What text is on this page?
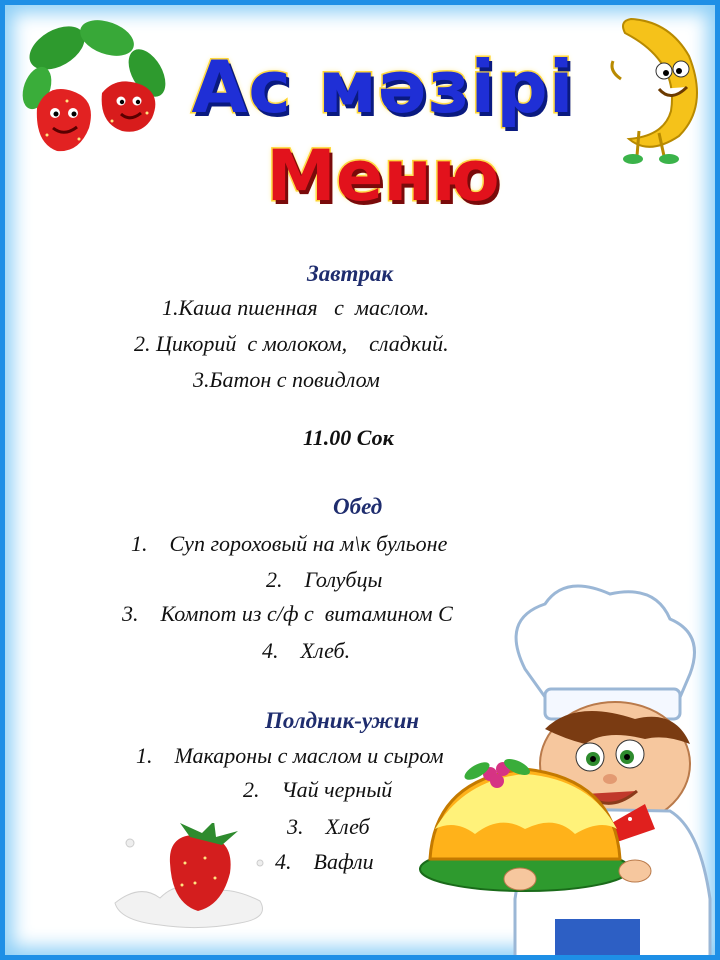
Ас мәзірі
Меню
Завтрак
1.Каша пшенная   с  маслом.
2. Цикорий  с молоком,    сладкий.
3.Батон с повидлом
11.00 Сок
Обед
1.    Суп гороховый на м\к бульоне
2.    Голубцы
3.    Компот из с/ф с  витамином С
4.    Хлеб.
Полдник-ужин
1.    Макароны с маслом и сыром
2.    Чай черный
3.    Хлеб
4.    Вафли
